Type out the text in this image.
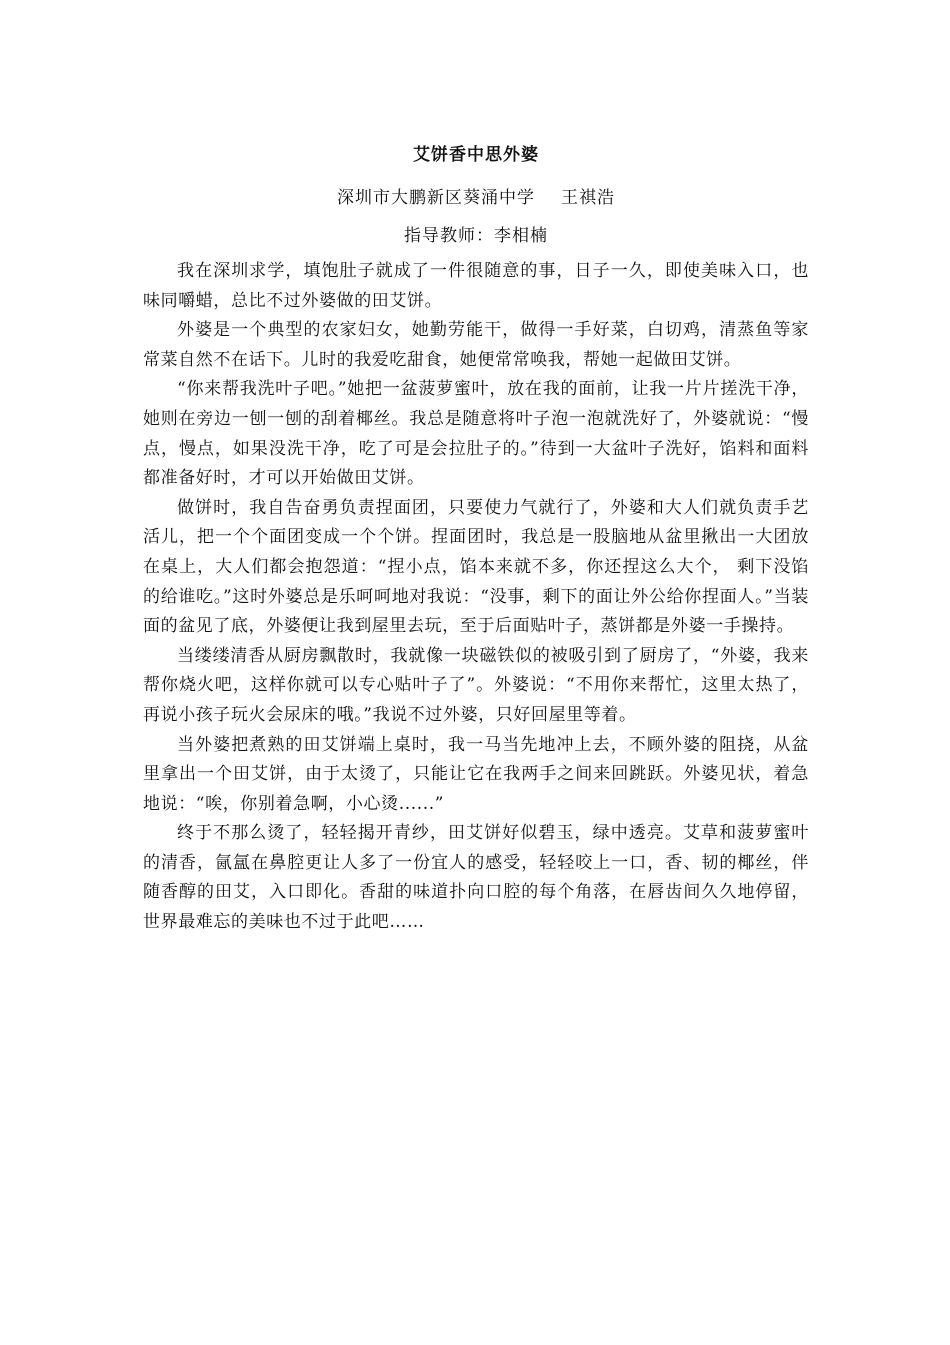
艾饼香中思外婆

深圳市大鹏新区葵涌中学 王祺浩

指导教师：李相楠

我在深圳求学，填饱肚子就成了一件很随意的事，日子一久，即使美味入口，也味同嚼蜡，总比不过外婆做的田艾饼。

外婆是一个典型的农家妇女，她勤劳能干，做得一手好菜，白切鸡，清蒸鱼等家常菜自然不在话下。儿时的我爱吃甜食，她便常常唤我，帮她一起做田艾饼。

“你来帮我洗叶子吧。”她把一盆菠萝蜜叶，放在我的面前，让我一片片搓洗干净，她则在旁边一刨一刨的刮着椰丝。我总是随意将叶子泡一泡就洗好了，外婆就说：“慢点，慢点，如果没洗干净，吃了可是会拉肚子的。”待到一大盆叶子洗好，馅料和面料都准备好时，才可以开始做田艾饼。

做饼时，我自告奋勇负责捏面团，只要使力气就行了，外婆和大人们就负责手艺活儿，把一个个面团变成一个个饼。捏面团时，我总是一股脑地从盆里揪出一大团放在桌上，大人们都会抱怨道：“捏小点，馅本来就不多，你还捏这么大个， 剩下没馅的给谁吃。”这时外婆总是乐呵呵地对我说：“没事，剩下的面让外公给你捏面人。”当装面的盆见了底，外婆便让我到屋里去玩，至于后面贴叶子，蒸饼都是外婆一手操持。

当缕缕清香从厨房飘散时，我就像一块磁铁似的被吸引到了厨房了，“外婆，我来帮你烧火吧，这样你就可以专心贴叶子了”。外婆说：“不用你来帮忙，这里太热了，再说小孩子玩火会尿床的哦。”我说不过外婆，只好回屋里等着。

当外婆把煮熟的田艾饼端上桌时，我一马当先地冲上去，不顾外婆的阻挠，从盆里拿出一个田艾饼，由于太烫了，只能让它在我两手之间来回跳跃。外婆见状，着急地说：“唉，你别着急啊，小心烫......”

终于不那么烫了，轻轻揭开青纱，田艾饼好似碧玉，绿中透亮。艾草和菠萝蜜叶的清香，氤氲在鼻腔更让人多了一份宜人的感受，轻轻咬上一口，香、韧的椰丝，伴随香醇的田艾，入口即化。香甜的味道扑向口腔的每个角落，在唇齿间久久地停留，世界最难忘的美味也不过于此吧……
